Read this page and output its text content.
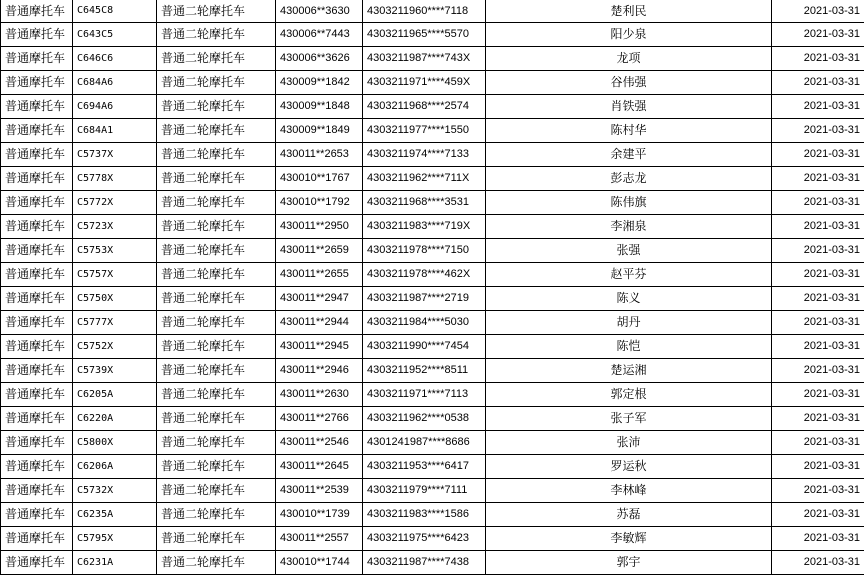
普通摩托车	C645C8	普通二轮摩托车	430006**3630	4303211960****7118	楚利民	2021-03-31
普通摩托车	C643C5	普通二轮摩托车	430006**7443	4303211965****5570	阳少泉	2021-03-31
普通摩托车	C646C6	普通二轮摩托车	430006**3626	4303211987****743X	龙项	2021-03-31
普通摩托车	C684A6	普通二轮摩托车	430009**1842	4303211971****459X	谷伟强	2021-03-31
普通摩托车	C694A6	普通二轮摩托车	430009**1848	4303211968****2574	肖铁强	2021-03-31
普通摩托车	C684A1	普通二轮摩托车	430009**1849	4303211977****1550	陈村华	2021-03-31
普通摩托车	C5737X	普通二轮摩托车	430011**2653	4303211974****7133	余建平	2021-03-31
普通摩托车	C5778X	普通二轮摩托车	430010**1767	4303211962****711X	彭志龙	2021-03-31
普通摩托车	C5772X	普通二轮摩托车	430010**1792	4303211968****3531	陈伟旗	2021-03-31
普通摩托车	C5723X	普通二轮摩托车	430011**2950	4303211983****719X	李湘泉	2021-03-31
普通摩托车	C5753X	普通二轮摩托车	430011**2659	4303211978****7150	张强	2021-03-31
普通摩托车	C5757X	普通二轮摩托车	430011**2655	4303211978****462X	赵平芬	2021-03-31
普通摩托车	C5750X	普通二轮摩托车	430011**2947	4303211987****2719	陈义	2021-03-31
普通摩托车	C5777X	普通二轮摩托车	430011**2944	4303211984****5030	胡丹	2021-03-31
普通摩托车	C5752X	普通二轮摩托车	430011**2945	4303211990****7454	陈恺	2021-03-31
普通摩托车	C5739X	普通二轮摩托车	430011**2946	4303211952****8511	楚运湘	2021-03-31
普通摩托车	C6205A	普通二轮摩托车	430011**2630	4303211971****7113	郭定根	2021-03-31
普通摩托车	C6220A	普通二轮摩托车	430011**2766	4303211962****0538	张子军	2021-03-31
普通摩托车	C5800X	普通二轮摩托车	430011**2546	4301241987****8686	张沛	2021-03-31
普通摩托车	C6206A	普通二轮摩托车	430011**2645	4303211953****6417	罗运秋	2021-03-31
普通摩托车	C5732X	普通二轮摩托车	430011**2539	4303211979****7111	李林峰	2021-03-31
普通摩托车	C6235A	普通二轮摩托车	430010**1739	4303211983****1586	苏磊	2021-03-31
普通摩托车	C5795X	普通二轮摩托车	430011**2557	4303211975****6423	李敏辉	2021-03-31
普通摩托车	C6231A	普通二轮摩托车	430010**1744	4303211987****7438	郭宇	2021-03-31
